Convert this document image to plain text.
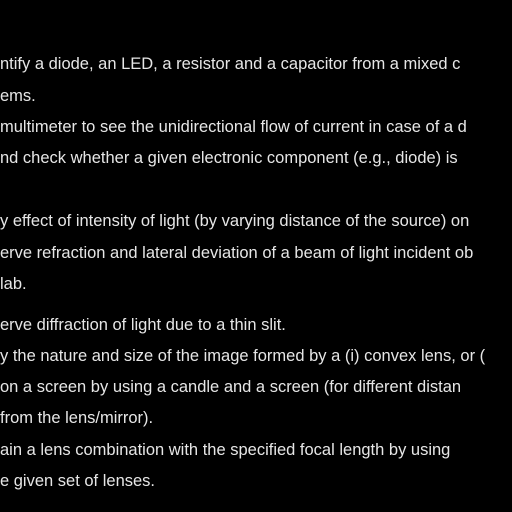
ntify a diode, an LED, a resistor and a capacitor from a mixed c
ems.
multimeter to see the unidirectional flow of current in case of a d
nd check whether a given electronic component (e.g., diode) is
y effect of intensity of light (by varying distance of the source) on
erve refraction and lateral deviation of a beam of light incident ob
lab.
erve diffraction of light due to a thin slit.
y the nature and size of the image formed by a (i) convex lens, or (
on a screen by using a candle and a screen (for different distan
from the lens/mirror).
ain a lens combination with the specified focal length by using
e given set of lenses.
